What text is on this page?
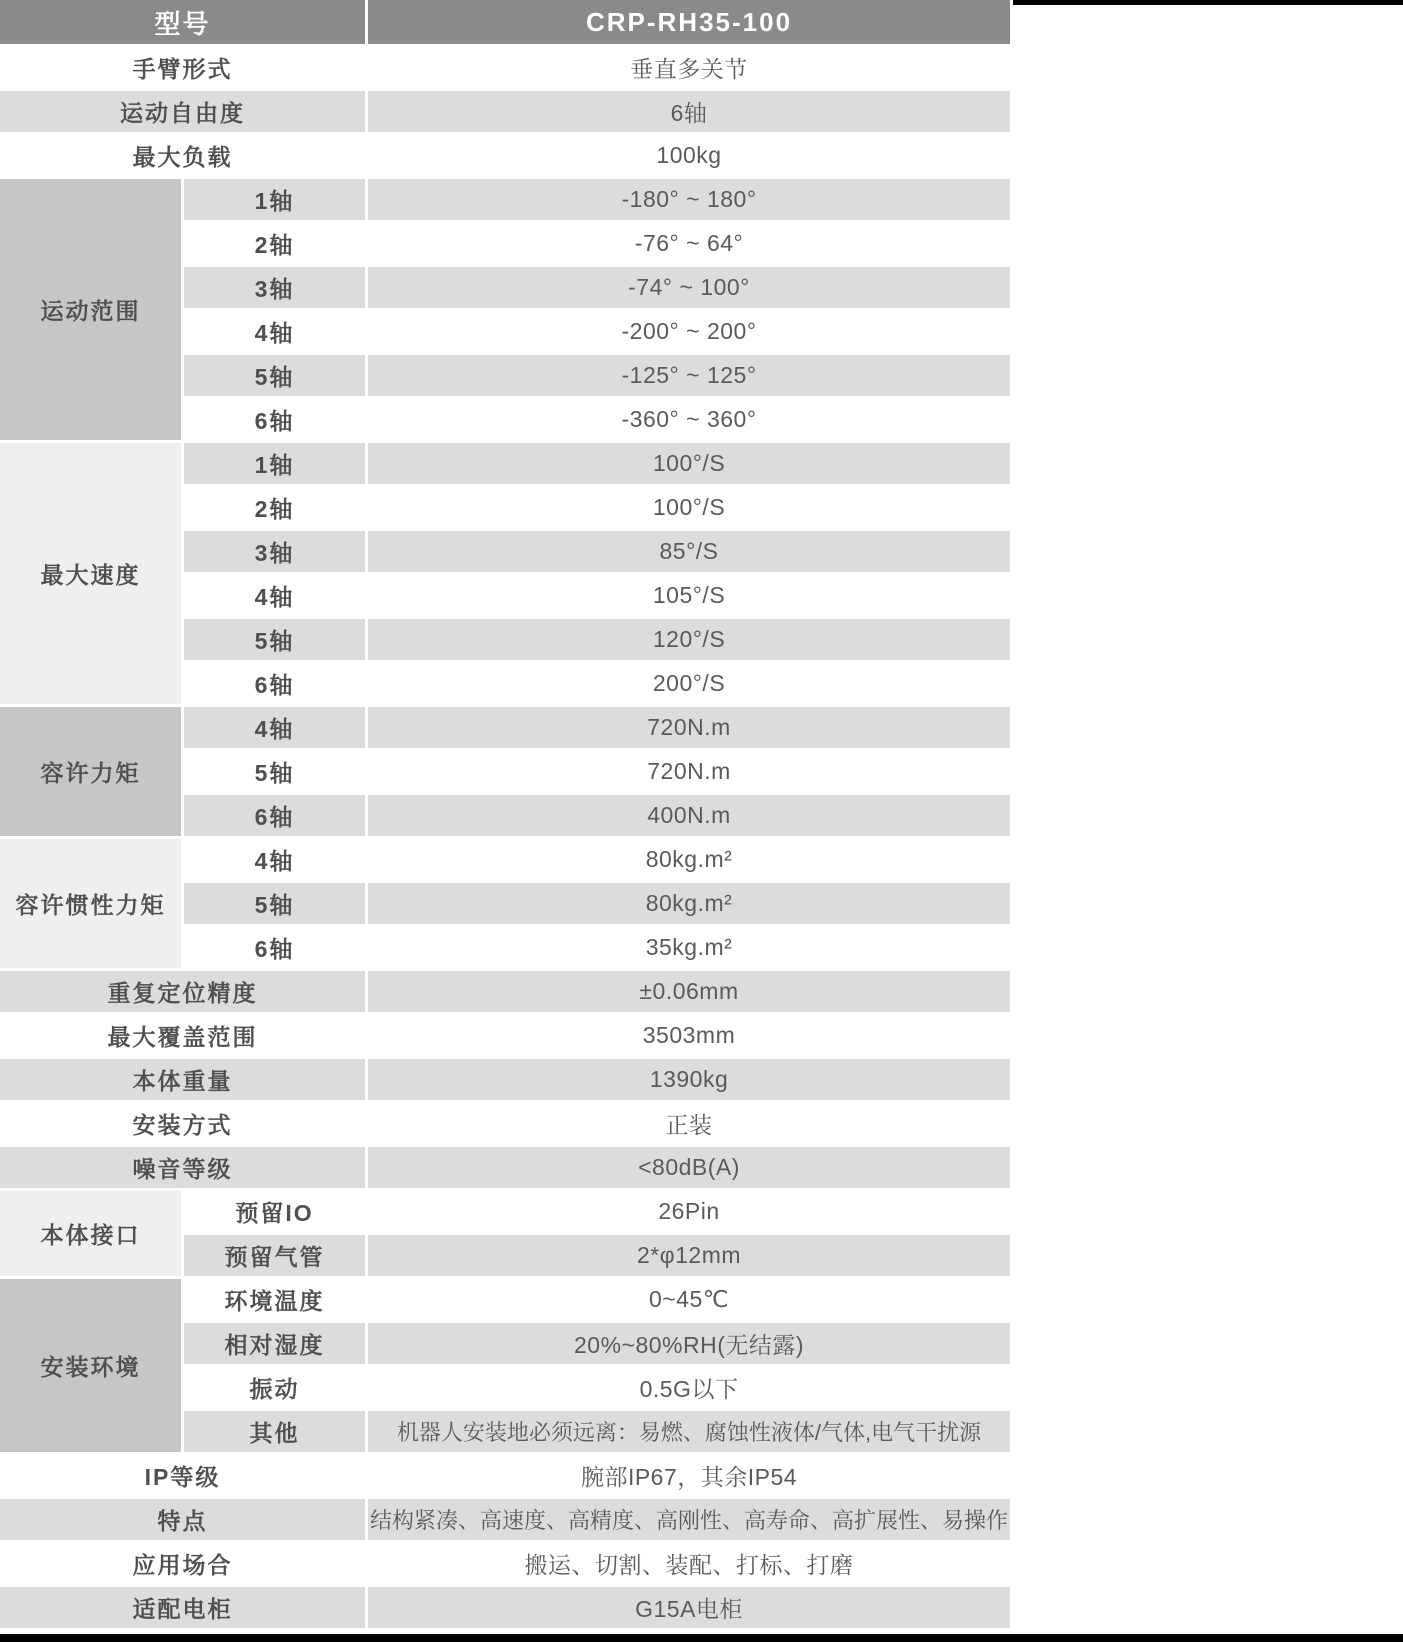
型号		CRP-RH35-100
手臂形式		垂直多关节
运动自由度		6轴
最大负载		100kg
运动范围	1轴	-180° ~ 180°
	2轴	-76° ~ 64°
	3轴	-74° ~ 100°
	4轴	-200° ~ 200°
	5轴	-125° ~ 125°
	6轴	-360° ~ 360°
最大速度	1轴	100°/S
	2轴	100°/S
	3轴	85°/S
	4轴	105°/S
	5轴	120°/S
	6轴	200°/S
容许力矩	4轴	720N.m
	5轴	720N.m
	6轴	400N.m
容许惯性力矩	4轴	80kg.m²
	5轴	80kg.m²
	6轴	35kg.m²
重复定位精度		±0.06mm
最大覆盖范围		3503mm
本体重量		1390kg
安装方式		正装
噪音等级		<80dB(A)
本体接口	预留IO	26Pin
	预留气管	2*φ12mm
安装环境	环境温度	0~45℃
	相对湿度	20%~80%RH(无结露)
	振动	0.5G以下
	其他	机器人安装地必须远离：易燃、腐蚀性液体/气体,电气干扰源
IP等级		腕部IP67，其余IP54
特点		结构紧凑、高速度、高精度、高刚性、高寿命、高扩展性、易操作
应用场合		搬运、切割、装配、打标、打磨
适配电柜		G15A电柜
